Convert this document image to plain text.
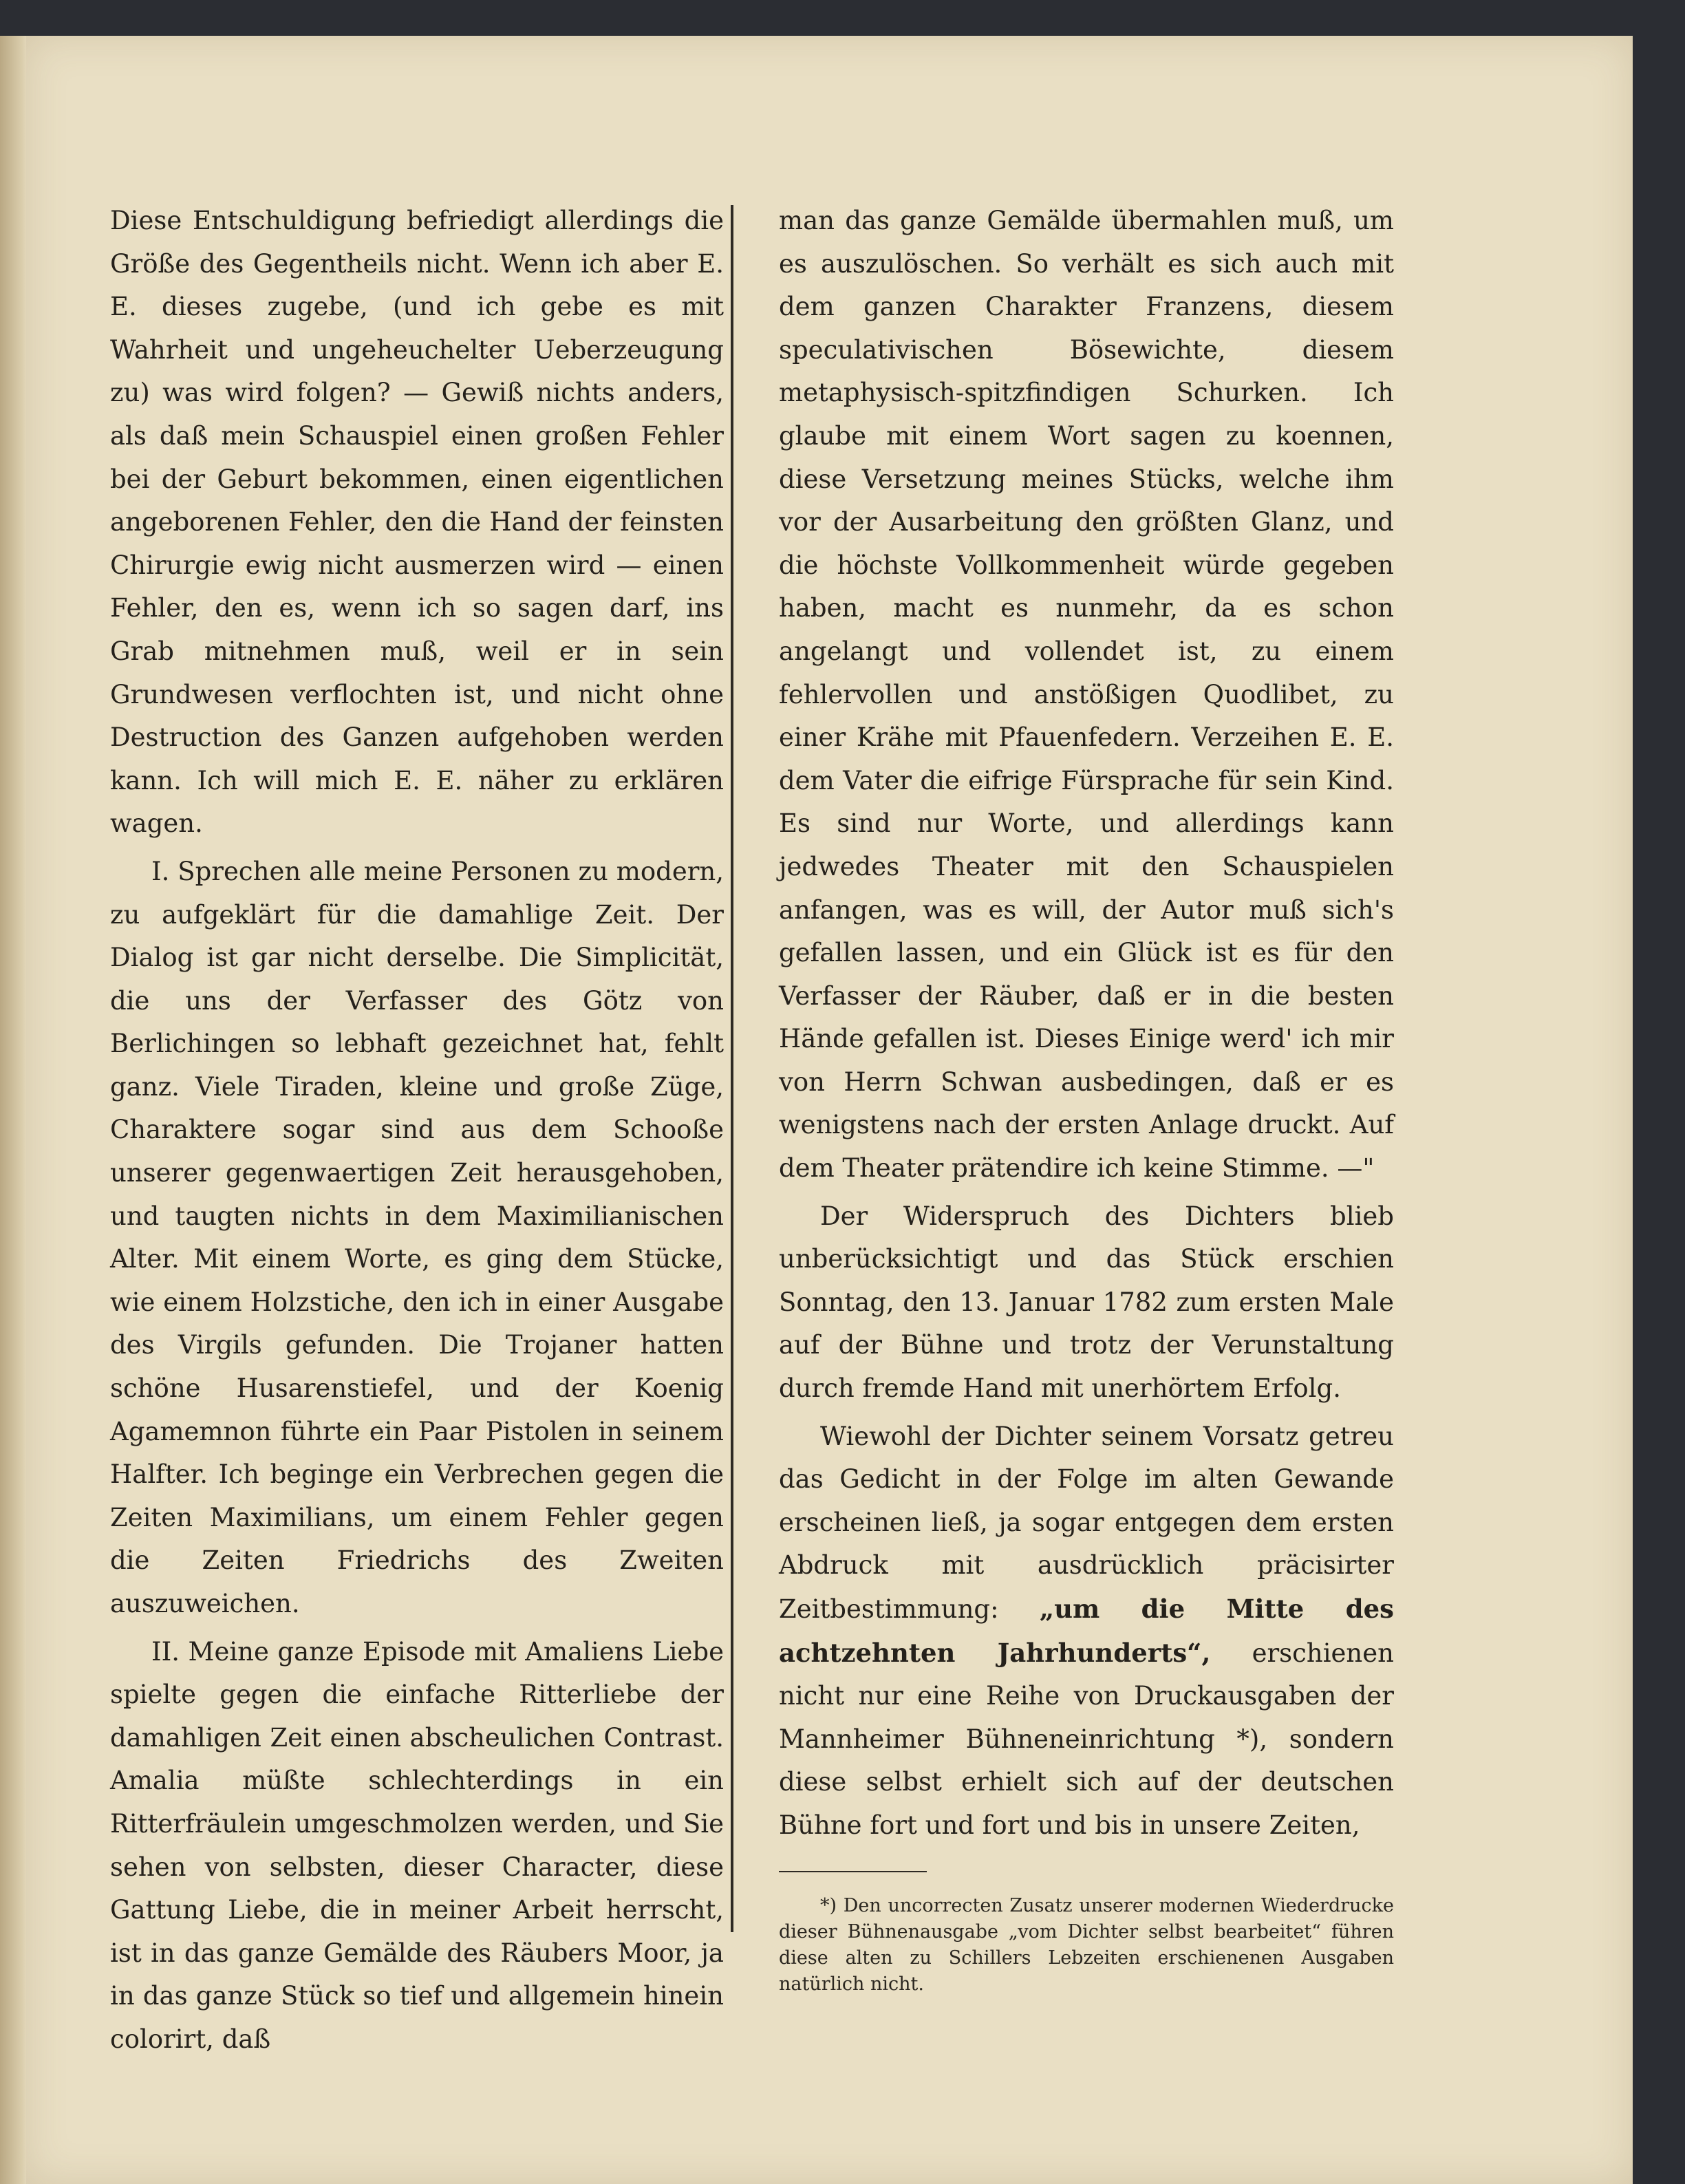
Diese Entschuldigung befriedigt allerdings die Größe des Gegentheils nicht. Wenn ich aber E. E. dieses zugebe, (und ich gebe es mit Wahrheit und ungeheuchelter Ueberzeugung zu) was wird folgen? — Gewiß nichts anders, als daß mein Schauspiel einen großen Fehler bei der Geburt bekommen, einen eigentlichen angeborenen Fehler, den die Hand der feinsten Chirurgie ewig nicht ausmerzen wird — einen Fehler, den es, wenn ich so sagen darf, ins Grab mitnehmen muß, weil er in sein Grundwesen verflochten ist, und nicht ohne Destruction des Ganzen aufgehoben werden kann. Ich will mich E. E. näher zu erklären wagen.

I. Sprechen alle meine Personen zu modern, zu aufgeklärt für die damahlige Zeit. Der Dialog ist gar nicht derselbe. Die Simplicität, die uns der Verfasser des Götz von Berlichingen so lebhaft gezeichnet hat, fehlt ganz. Viele Tiraden, kleine und große Züge, Charaktere sogar sind aus dem Schooße unserer gegenwaertigen Zeit herausgehoben, und taugten nichts in dem Maximilianischen Alter. Mit einem Worte, es ging dem Stücke, wie einem Holzstiche, den ich in einer Ausgabe des Virgils gefunden. Die Trojaner hatten schöne Husarenstiefel, und der Koenig Agamemnon führte ein Paar Pistolen in seinem Halfter. Ich beginge ein Verbrechen gegen die Zeiten Maximilians, um einem Fehler gegen die Zeiten Friedrichs des Zweiten auszuweichen.

II. Meine ganze Episode mit Amaliens Liebe spielte gegen die einfache Ritterliebe der damahligen Zeit einen abscheulichen Contrast. Amalia müßte schlechterdings in ein Ritterfräulein umgeschmolzen werden, und Sie sehen von selbsten, dieser Character, diese Gattung Liebe, die in meiner Arbeit herrscht, ist in das ganze Gemälde des Räubers Moor, ja in das ganze Stück so tief und allgemein hinein colorirt, daß

man das ganze Gemälde übermahlen muß, um es auszulöschen. So verhält es sich auch mit dem ganzen Charakter Franzens, diesem speculativischen Bösewichte, diesem metaphysisch-spitzfindigen Schurken. Ich glaube mit einem Wort sagen zu koennen, diese Versetzung meines Stücks, welche ihm vor der Ausarbeitung den größten Glanz, und die höchste Vollkommenheit würde gegeben haben, macht es nunmehr, da es schon angelangt und vollendet ist, zu einem fehlervollen und anstößigen Quodlibet, zu einer Krähe mit Pfauenfedern. Verzeihen E. E. dem Vater die eifrige Fürsprache für sein Kind. Es sind nur Worte, und allerdings kann jedwedes Theater mit den Schauspielen anfangen, was es will, der Autor muß sich's gefallen lassen, und ein Glück ist es für den Verfasser der Räuber, daß er in die besten Hände gefallen ist. Dieses Einige werd' ich mir von Herrn Schwan ausbedingen, daß er es wenigstens nach der ersten Anlage druckt. Auf dem Theater prätendire ich keine Stimme. —"

Der Widerspruch des Dichters blieb unberücksichtigt und das Stück erschien Sonntag, den 13. Januar 1782 zum ersten Male auf der Bühne und trotz der Verunstaltung durch fremde Hand mit unerhörtem Erfolg.

Wiewohl der Dichter seinem Vorsatz getreu das Gedicht in der Folge im alten Gewande erscheinen ließ, ja sogar entgegen dem ersten Abdruck mit ausdrücklich präcisirter Zeitbestimmung: „um die Mitte des achtzehnten Jahrhunderts“, erschienen nicht nur eine Reihe von Druckausgaben der Mannheimer Bühneneinrichtung *), sondern diese selbst erhielt sich auf der deutschen Bühne fort und fort und bis in unsere Zeiten,

*) Den uncorrecten Zusatz unserer modernen Wiederdrucke dieser Bühnenausgabe „vom Dichter selbst bearbeitet“ führen diese alten zu Schillers Lebzeiten erschienenen Ausgaben natürlich nicht.
